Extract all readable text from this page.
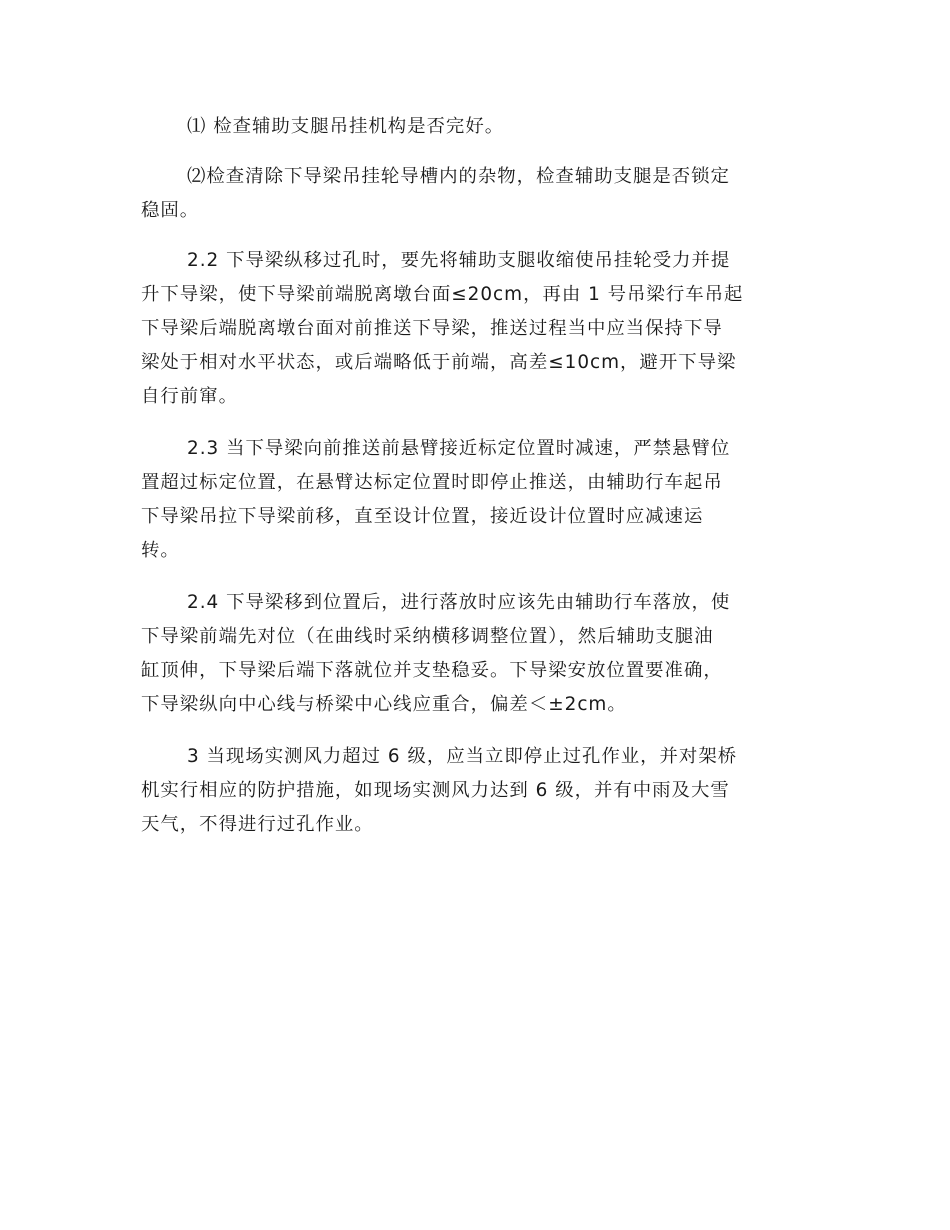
⑴ 检查辅助支腿吊挂机构是否完好。

⑵检查清除下导梁吊挂轮导槽内的杂物，检查辅助支腿是否锁定
稳固。

2.2 下导梁纵移过孔时，要先将辅助支腿收缩使吊挂轮受力并提
升下导梁，使下导梁前端脱离墩台面≤20cm，再由 1 号吊梁行车吊起
下导梁后端脱离墩台面对前推送下导梁，推送过程当中应当保持下导
梁处于相对水平状态，或后端略低于前端，高差≤10cm，避开下导梁
自行前窜。

2.3 当下导梁向前推送前悬臂接近标定位置时减速，严禁悬臂位
置超过标定位置，在悬臂达标定位置时即停止推送，由辅助行车起吊
下导梁吊拉下导梁前移，直至设计位置，接近设计位置时应减速运
转。

2.4 下导梁移到位置后，进行落放时应该先由辅助行车落放，使
下导梁前端先对位（在曲线时采纳横移调整位置），然后辅助支腿油
缸顶伸，下导梁后端下落就位并支垫稳妥。下导梁安放位置要准确，
下导梁纵向中心线与桥梁中心线应重合，偏差＜±2cm。

3 当现场实测风力超过 6 级，应当立即停止过孔作业，并对架桥
机实行相应的防护措施，如现场实测风力达到 6 级，并有中雨及大雪
天气，不得进行过孔作业。
